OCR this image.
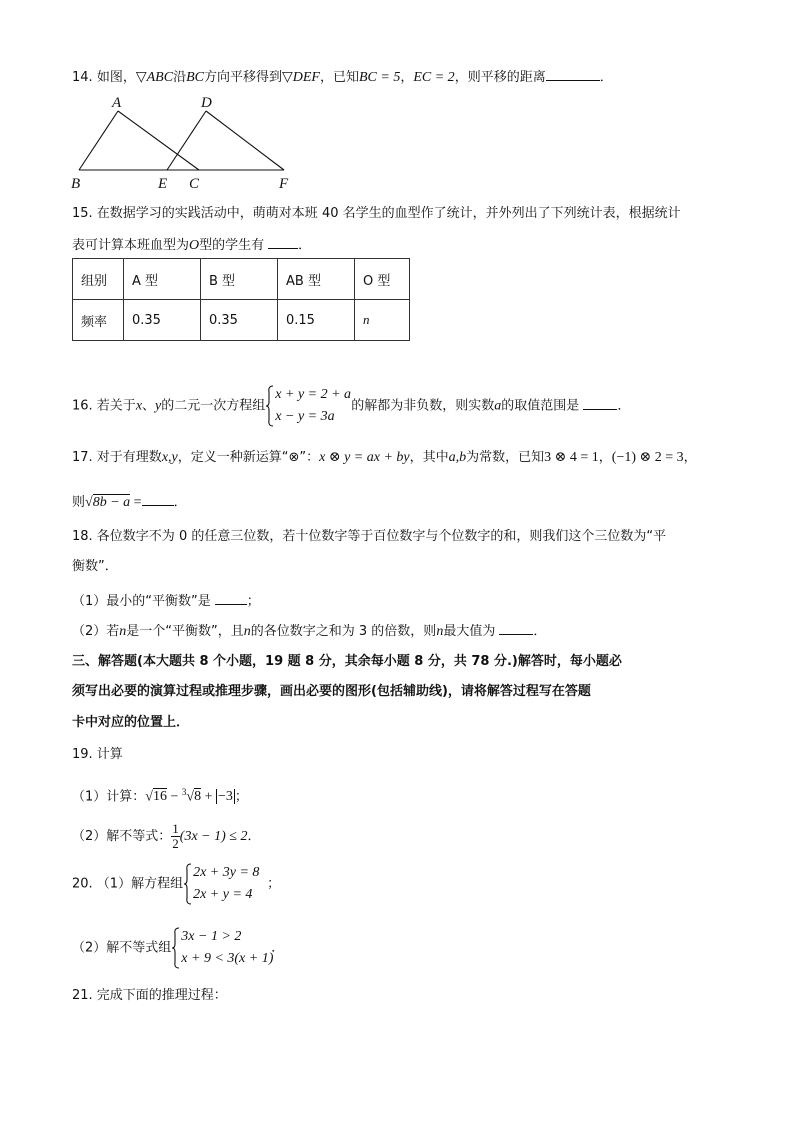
14. 如图，▽ABC沿BC方向平移得到▽DEF，已知BC = 5，EC = 2，则平移的距离	．
A	D
B	E C	F
15. 在数据学习的实践活动中，萌萌对本班 40 名学生的血型作了统计，并外列出了下列统计表，根据统计
表可计算本班血型为O型的学生有	．
组别	A 型	B 型	AB 型	O 型
频率	0.35	0.35	0.15	n
16. 若关于x、y的二元一次方程组
x + y = 2 + a
x − y = 3a
的解都为非负数，则实数a的取值范围是	．
17. 对于有理数x,y，定义一种新运算“⊗”：x ⊗ y = ax + by，其中a,b为常数，已知3 ⊗ 4 = 1，(−1) ⊗ 2 = 3，
则√8b − a = ．
18. 各位数字不为 0 的任意三位数，若十位数字等于百位数字与个位数字的和，则我们这个三位数为“平
衡数”．
（1）最小的“平衡数”是	；
（2）若n是一个“平衡数”，且n的各位数字之和为 3 的倍数，则n最大值为	．
三、解答题(本大题共 8 个小题，19 题 8 分，其余每小题 8 分，共 78 分.)解答时，每小题必
须写出必要的演算过程或推理步骤，画出必要的图形(包括辅助线)，请将解答过程写在答题
卡中对应的位置上．
19. 计算
（1）计算：√16 − $^3$√8 + −3 ；
（2）解不等式： $\frac{1}{2} (3x - 1) \le 2$．
20. （1）解方程组
2x + 3y = 8
2x + y = 4
；
（2）解不等式组
3x − 1 > 2
x + 9 < 3(x + 1)
．
21. 完成下面的推理过程：
